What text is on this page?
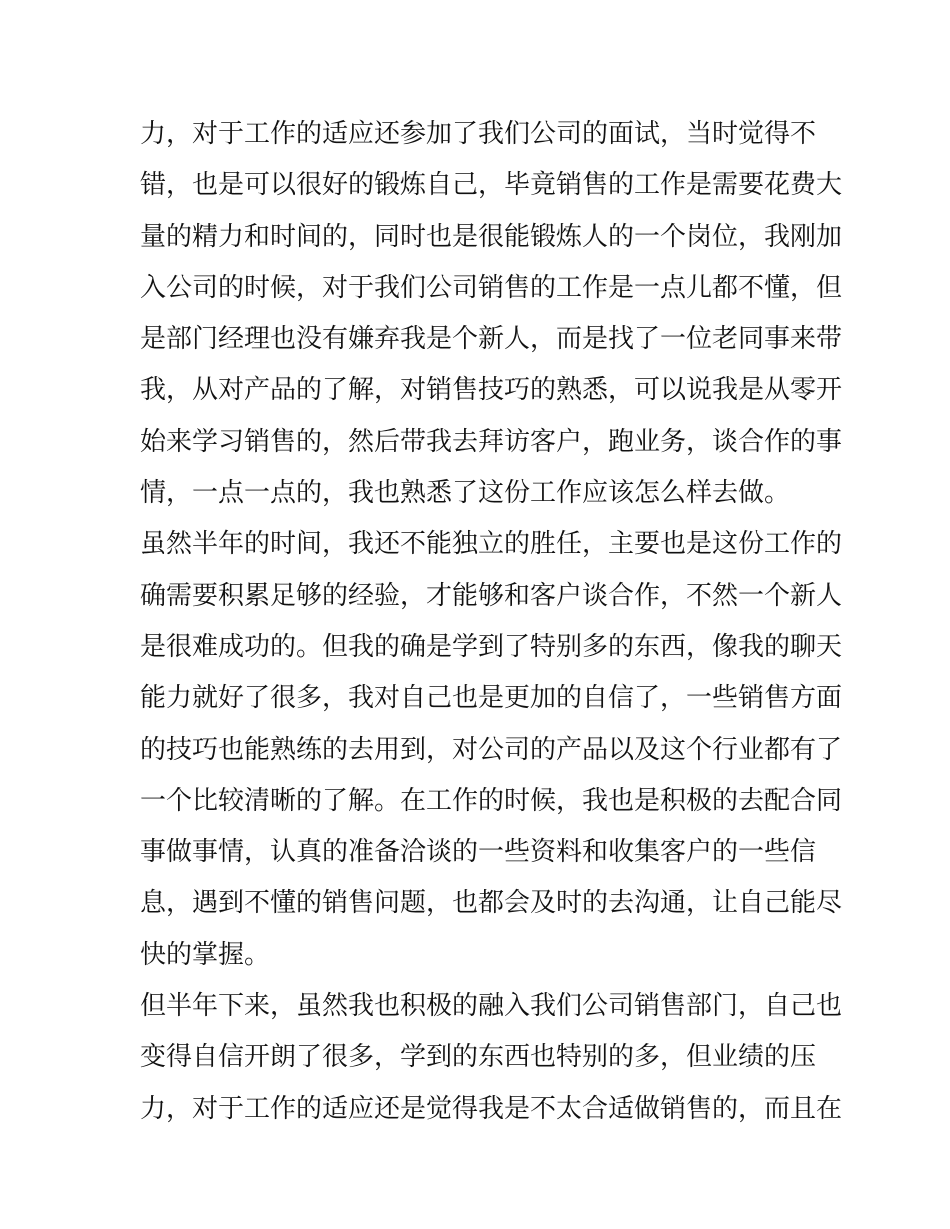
力，对于工作的适应还参加了我们公司的面试，当时觉得不
错，也是可以很好的锻炼自己，毕竟销售的工作是需要花费大
量的精力和时间的，同时也是很能锻炼人的一个岗位，我刚加
入公司的时候，对于我们公司销售的工作是一点儿都不懂，但
是部门经理也没有嫌弃我是个新人，而是找了一位老同事来带
我，从对产品的了解，对销售技巧的熟悉，可以说我是从零开
始来学习销售的，然后带我去拜访客户，跑业务，谈合作的事
情，一点一点的，我也熟悉了这份工作应该怎么样去做。
虽然半年的时间，我还不能独立的胜任，主要也是这份工作的
确需要积累足够的经验，才能够和客户谈合作，不然一个新人
是很难成功的。但我的确是学到了特别多的东西，像我的聊天
能力就好了很多，我对自己也是更加的自信了，一些销售方面
的技巧也能熟练的去用到，对公司的产品以及这个行业都有了
一个比较清晰的了解。在工作的时候，我也是积极的去配合同
事做事情，认真的准备洽谈的一些资料和收集客户的一些信
息，遇到不懂的销售问题，也都会及时的去沟通，让自己能尽
快的掌握。
但半年下来，虽然我也积极的融入我们公司销售部门，自己也
变得自信开朗了很多，学到的东西也特别的多，但业绩的压
力，对于工作的适应还是觉得我是不太合适做销售的，而且在
